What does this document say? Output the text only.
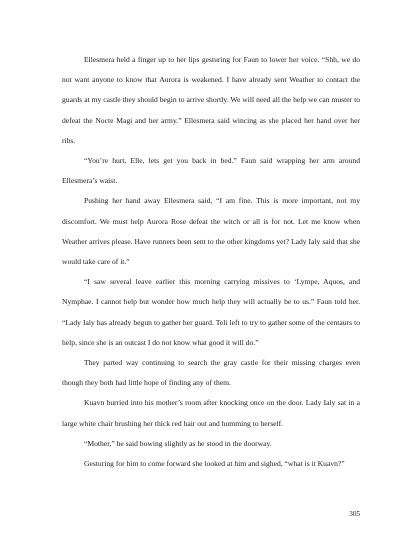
Ellesmera held a finger up to her lips gesturing for Faun to lower her voice. “Shh, we do not want anyone to know that Aurora is weakened. I have already sent Weather to contact the guards at my castle they should begin to arrive shortly. We will need all the help we can muster to defeat the Nocte Magi and her army.” Ellesmera said wincing as she placed her hand over her ribs.

“You’re hurt, Elle, lets get you back in bed.” Faun said wrapping her arm around Ellesmera’s waist.

Pushing her hand away Ellesmera said, “I am fine. This is more important, not my discomfort. We must help Aurora Rose defeat the witch or all is for not. Let me know when Weather arrives please. Have runners been sent to the other kingdoms yet? Lady Ialy said that she would take care of it.”

“I saw several leave earlier this morning carrying missives to ‘Lympe, Aquos, and Nymphae. I cannot help but wonder how much help they will actually be to us.” Faun told her. “Lady Ialy has already begun to gather her guard. Teli left to try to gather some of the centaurs to help, since she is an outcast I do not know what good it will do.”

They parted way continuing to search the gray castle for their missing charges even though they both had little hope of finding any of them.

Kuavn hurried into his mother’s room after knocking once on the door. Lady Ialy sat in a large white chair brushing her thick red hair out and humming to herself.

“Mother,” he said bowing slightly as he stood in the doorway.

Gesturing for him to come forward she looked at him and sighed, “what is it Kuavn?”

305
